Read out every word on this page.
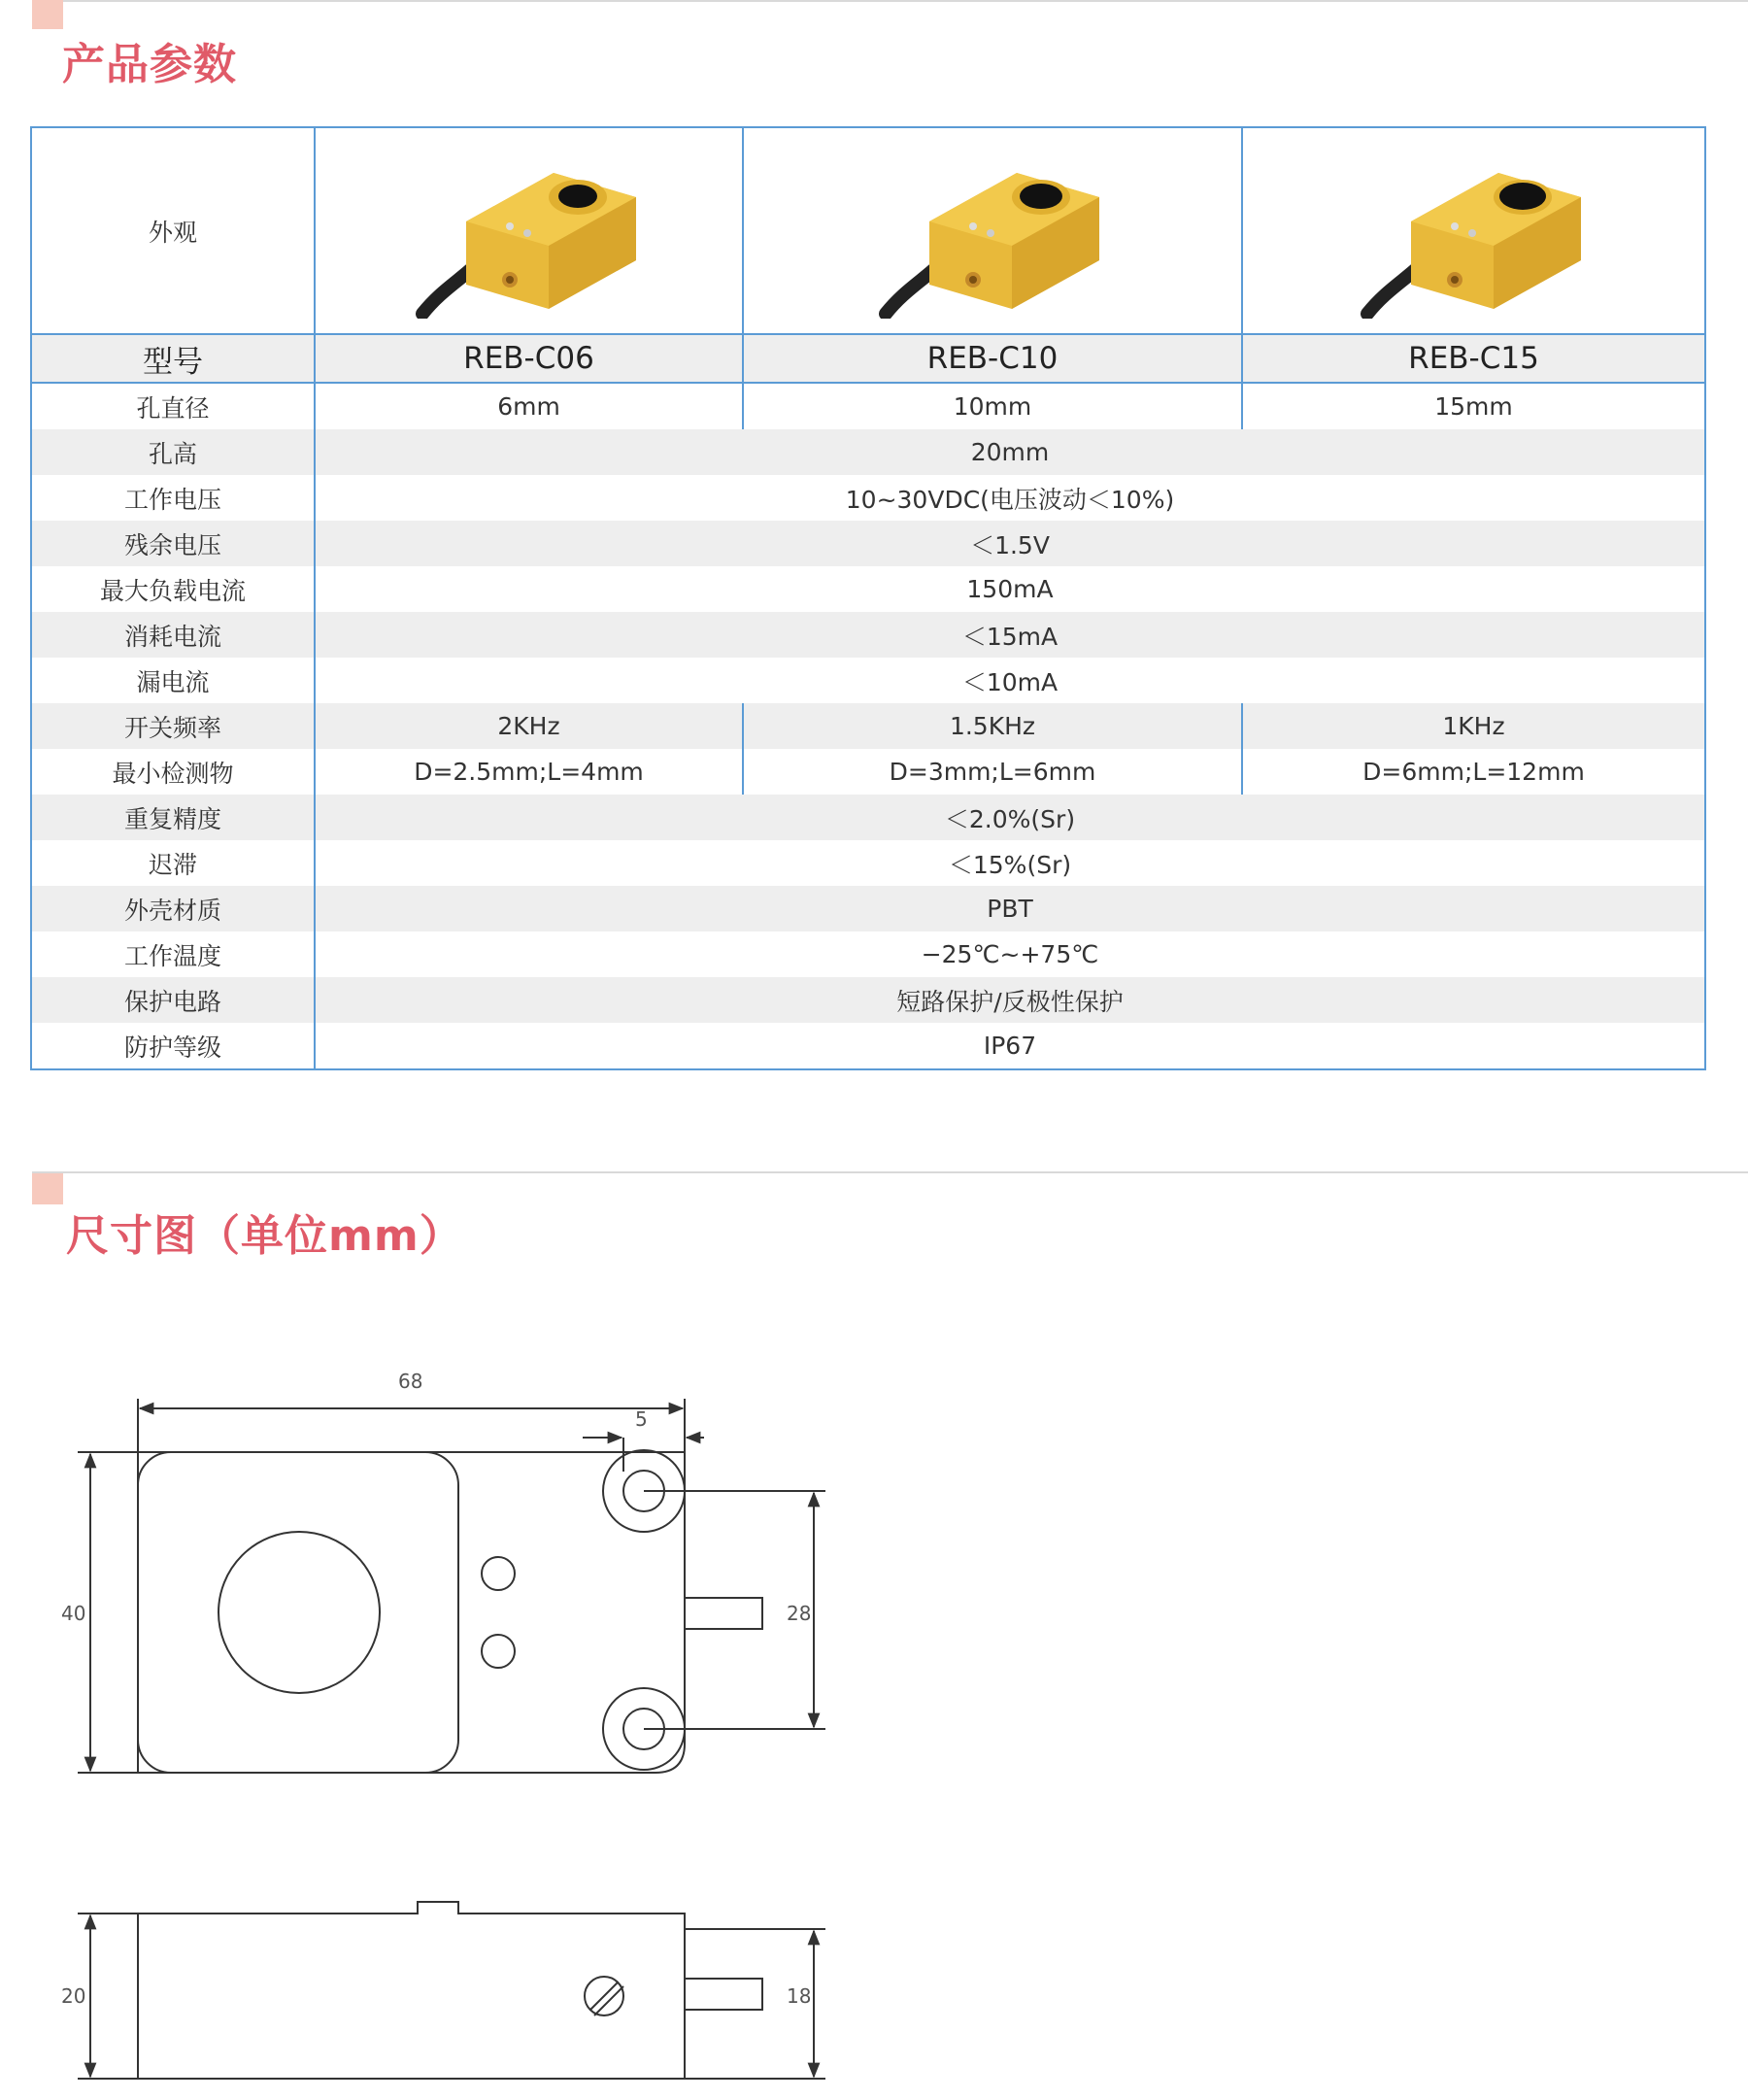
产品参数
外观	

型号	REB-C06	REB-C10	REB-C15
孔直径	6mm	10mm	15mm
孔高	20mm		
工作电压	10~30VDC(电压波动＜10%)		
残余电压	＜1.5V		
最大负载电流	150mA		
消耗电流	＜15mA		
漏电流	＜10mA		
开关频率	2KHz	1.5KHz	1KHz
最小检测物	D=2.5mm;L=4mm	D=3mm;L=6mm	D=6mm;L=12mm
重复精度	＜2.0%(Sr)		
迟滞	＜15%(Sr)		
外壳材质	PBT		
工作温度	−25℃~+75℃		
保护电路	短路保护/反极性保护		
防护等级	IP67		
尺寸图（单位mm）
68
5
40	28
20	18
